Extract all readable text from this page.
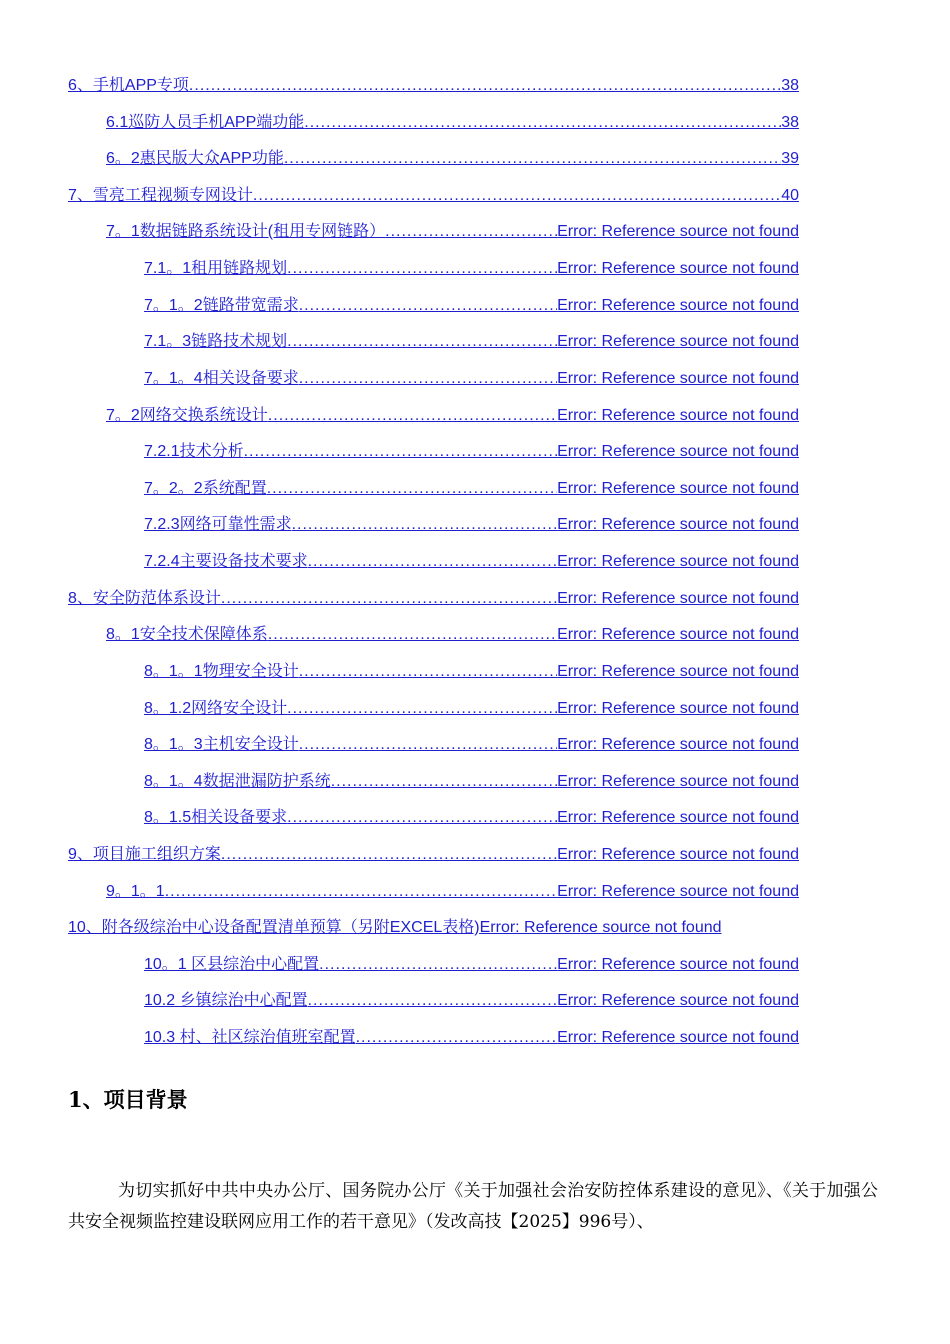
6、手机APP专项 .....	38
6.1巡防人员手机APP端功能 .....	38
6。2惠民版大众APP功能 .....	39
7、雪亮工程视频专网设计 .....	40
7。1数据链路系统设计(租用专网链路） .....	Error: Reference source not found
7.1。1租用链路规划 .....	Error: Reference source not found
7。1。2链路带宽需求 .....	Error: Reference source not found
7.1。3链路技术规划 .....	Error: Reference source not found
7。1。4相关设备要求 .....	Error: Reference source not found
7。2网络交换系统设计 .....	Error: Reference source not found
7.2.1技术分析 .....	Error: Reference source not found
7。2。2系统配置 .....	Error: Reference source not found
7.2.3网络可靠性需求 .....	Error: Reference source not found
7.2.4主要设备技术要求 .....	Error: Reference source not found
8、安全防范体系设计 .....	Error: Reference source not found
8。1安全技术保障体系 .....	Error: Reference source not found
8。1。1物理安全设计 .....	Error: Reference source not found
8。1.2网络安全设计 .....	Error: Reference source not found
8。1。3主机安全设计 .....	Error: Reference source not found
8。1。4数据泄漏防护系统 .....	Error: Reference source not found
8。1.5相关设备要求 .....	Error: Reference source not found
9、项目施工组织方案 .....	Error: Reference source not found
9。1。1 .....	Error: Reference source not found
10、附各级综治中心设备配置清单预算（另附EXCEL表格) Error: Reference source not found
10。1 区县综治中心配置 .....	Error: Reference source not found
10.2 乡镇综治中心配置 .....	Error: Reference source not found
10.3 村、社区综治值班室配置 .....	Error: Reference source not found
1、项目背景

为切实抓好中共中央办公厅、国务院办公厅《关于加强社会治安防控体系建设的意见》、《关于加强公共安全视频监控建设联网应用工作的若干意见》（发改高技【2025】996号）、
